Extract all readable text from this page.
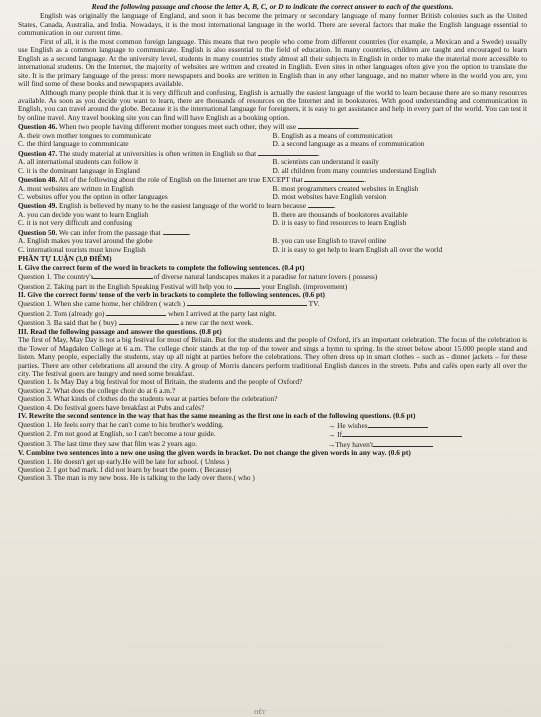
Read the following passage and choose the letter A, B, C, or D to indicate the correct answer to each of the questions.

English was originally the language of England, and soon it has become the primary or secondary language of many former British colonies such as the United States, Canada, Australia, and India. Nowadays, it is the most international language in the world. There are several factors that make the English language essential to communication in our current time.

First of all, it is the most common foreign language. This means that two people who come from different countries (for example, a Mexican and a Swede) usually use English as a common language to communicate. English is also essential to the field of education. In many countries, children are taught and encouraged to learn English as a second language. At the university level, students in many countries study almost all their subjects in English in order to make the material more accessible to international students. On the Internet, the majority of websites are written and created in English. Even sites in other languages often give you the option to translate the site. It is the primary language of the press: more newspapers and books are written in English than in any other language, and no matter where in the world you are, you will find some of these books and newspapers available.

Although many people think that it is very difficult and confusing, English is actually the easiest language of the world to learn because there are so many resources available. As soon as you decide you want to learn, there are thousands of resources on the Internet and in bookstores. With good understanding and communication in English, you can travel around the globe. Because it is the international language for foreigners, it is easy to get assistance and help in every part of the world. You can test it by online travel. Any travel booking site you can find will have English as a booking option.

Question 46. When two people having different mother tongues meet each other, they will use	.

A. their own mother tongues to communicate	B. English as a means of communication
C. the third language to communicate	D. a second language as a means of communication

Question 47. The study material at universities is often written in English so that	.

A. all international students can follow it	B. scientists can understand it easily
C. it is the dominant language in England	D. all children from many countries understand English

Question 48. All of the following about the role of English on the Internet are true EXCEPT that	.

A. most websites are written in English	B. most programmers created websites in English
C. websites offer you the option in other languages	D. most websites have English version

Question 49. English is believed by many to be the easiest language of the world to learn because	.

A. you can decide you want to learn English	B. there are thousands of bookstores available
C. it is not very difficult and confusing	D. it is easy to find resources to learn English

Question 50. We can infer from the passage that	.

A. English makes you travel around the globe	B. you can use English to travel online
C. international tourists must know English	D. it is easy to get help to learn English all over the world

PHẦN TỰ LUẬN (3,0 ĐIỂM)

I. Give the correct form of the word in brackets to complete the following sentences. (0.4 pt)

Question 1. The country's	of diverse natural landscapes makes it a paradise for nature lovers ( possess)

Question 2. Taking part in the English Speaking Festival will help you to	your English. (improvement)

II. Give the correct form/ tense of the verb in brackets to complete the following sentences. (0.6 pt)

Question 1. When she came home, her children ( watch )	TV.

Question 2. Tom (already go)	when I arrived at the party last night.

Question 3. Ba said that he ( buy)	a new car the next week.

III. Read the following passage and answer the questions. (0.8 pt)

The first of May, May Day is not a big festival for most of Britain. But for the students and the people of Oxford, it's an important celebration. The focus of the celebration is the Tower of Magdalen College at 6 a.m. The college choir stands at the top of the tower and sings a hymn to spring. In the street below about 15.000 people stand and listen. Many people, especially the students, stay up all night at parties before the celebrations. They often dress up in smart clothes – such as - dinner jackets – for these parties. There are other celebrations all around the city. A group of Morris dancers perform traditional English dances in the streets. Pubs and cafés open early all over the city. The festival goers are hungry and need some breakfast.

Question 1. Is May Day a big festival for most of Britain, the students and the people of Oxford?

Question 2. What does the college choir do at 6 a.m.?

Question 3. What kinds of clothes do the students wear at parties before the celebration?

Question 4. Do festival goers have breakfast at Pubs and cafés?

IV. Rewrite the second sentence in the way that has the same meaning as the first one in each of the following questions. (0.6 pt)

Question 1. He feels sorry that he can't come to his brother's wedding.	→ He wishes
Question 2. I'm not good at English, so I can't become a tour guide.	→ If
Question 3. The last time they saw that film was 2 years ago.	→They haven't

V. Combine two sentences into a new one using the given words in bracket. Do not change the given words in any way. (0.6 pt)

Question 1. He doesn't get up early.He will be late for school. ( Unless )

Question 2. I got bad mark. I did not learn by heart the poem. ( Because)

Question 3. The man is my new boss. He is talking to the lady over there.( who )

HẾT
